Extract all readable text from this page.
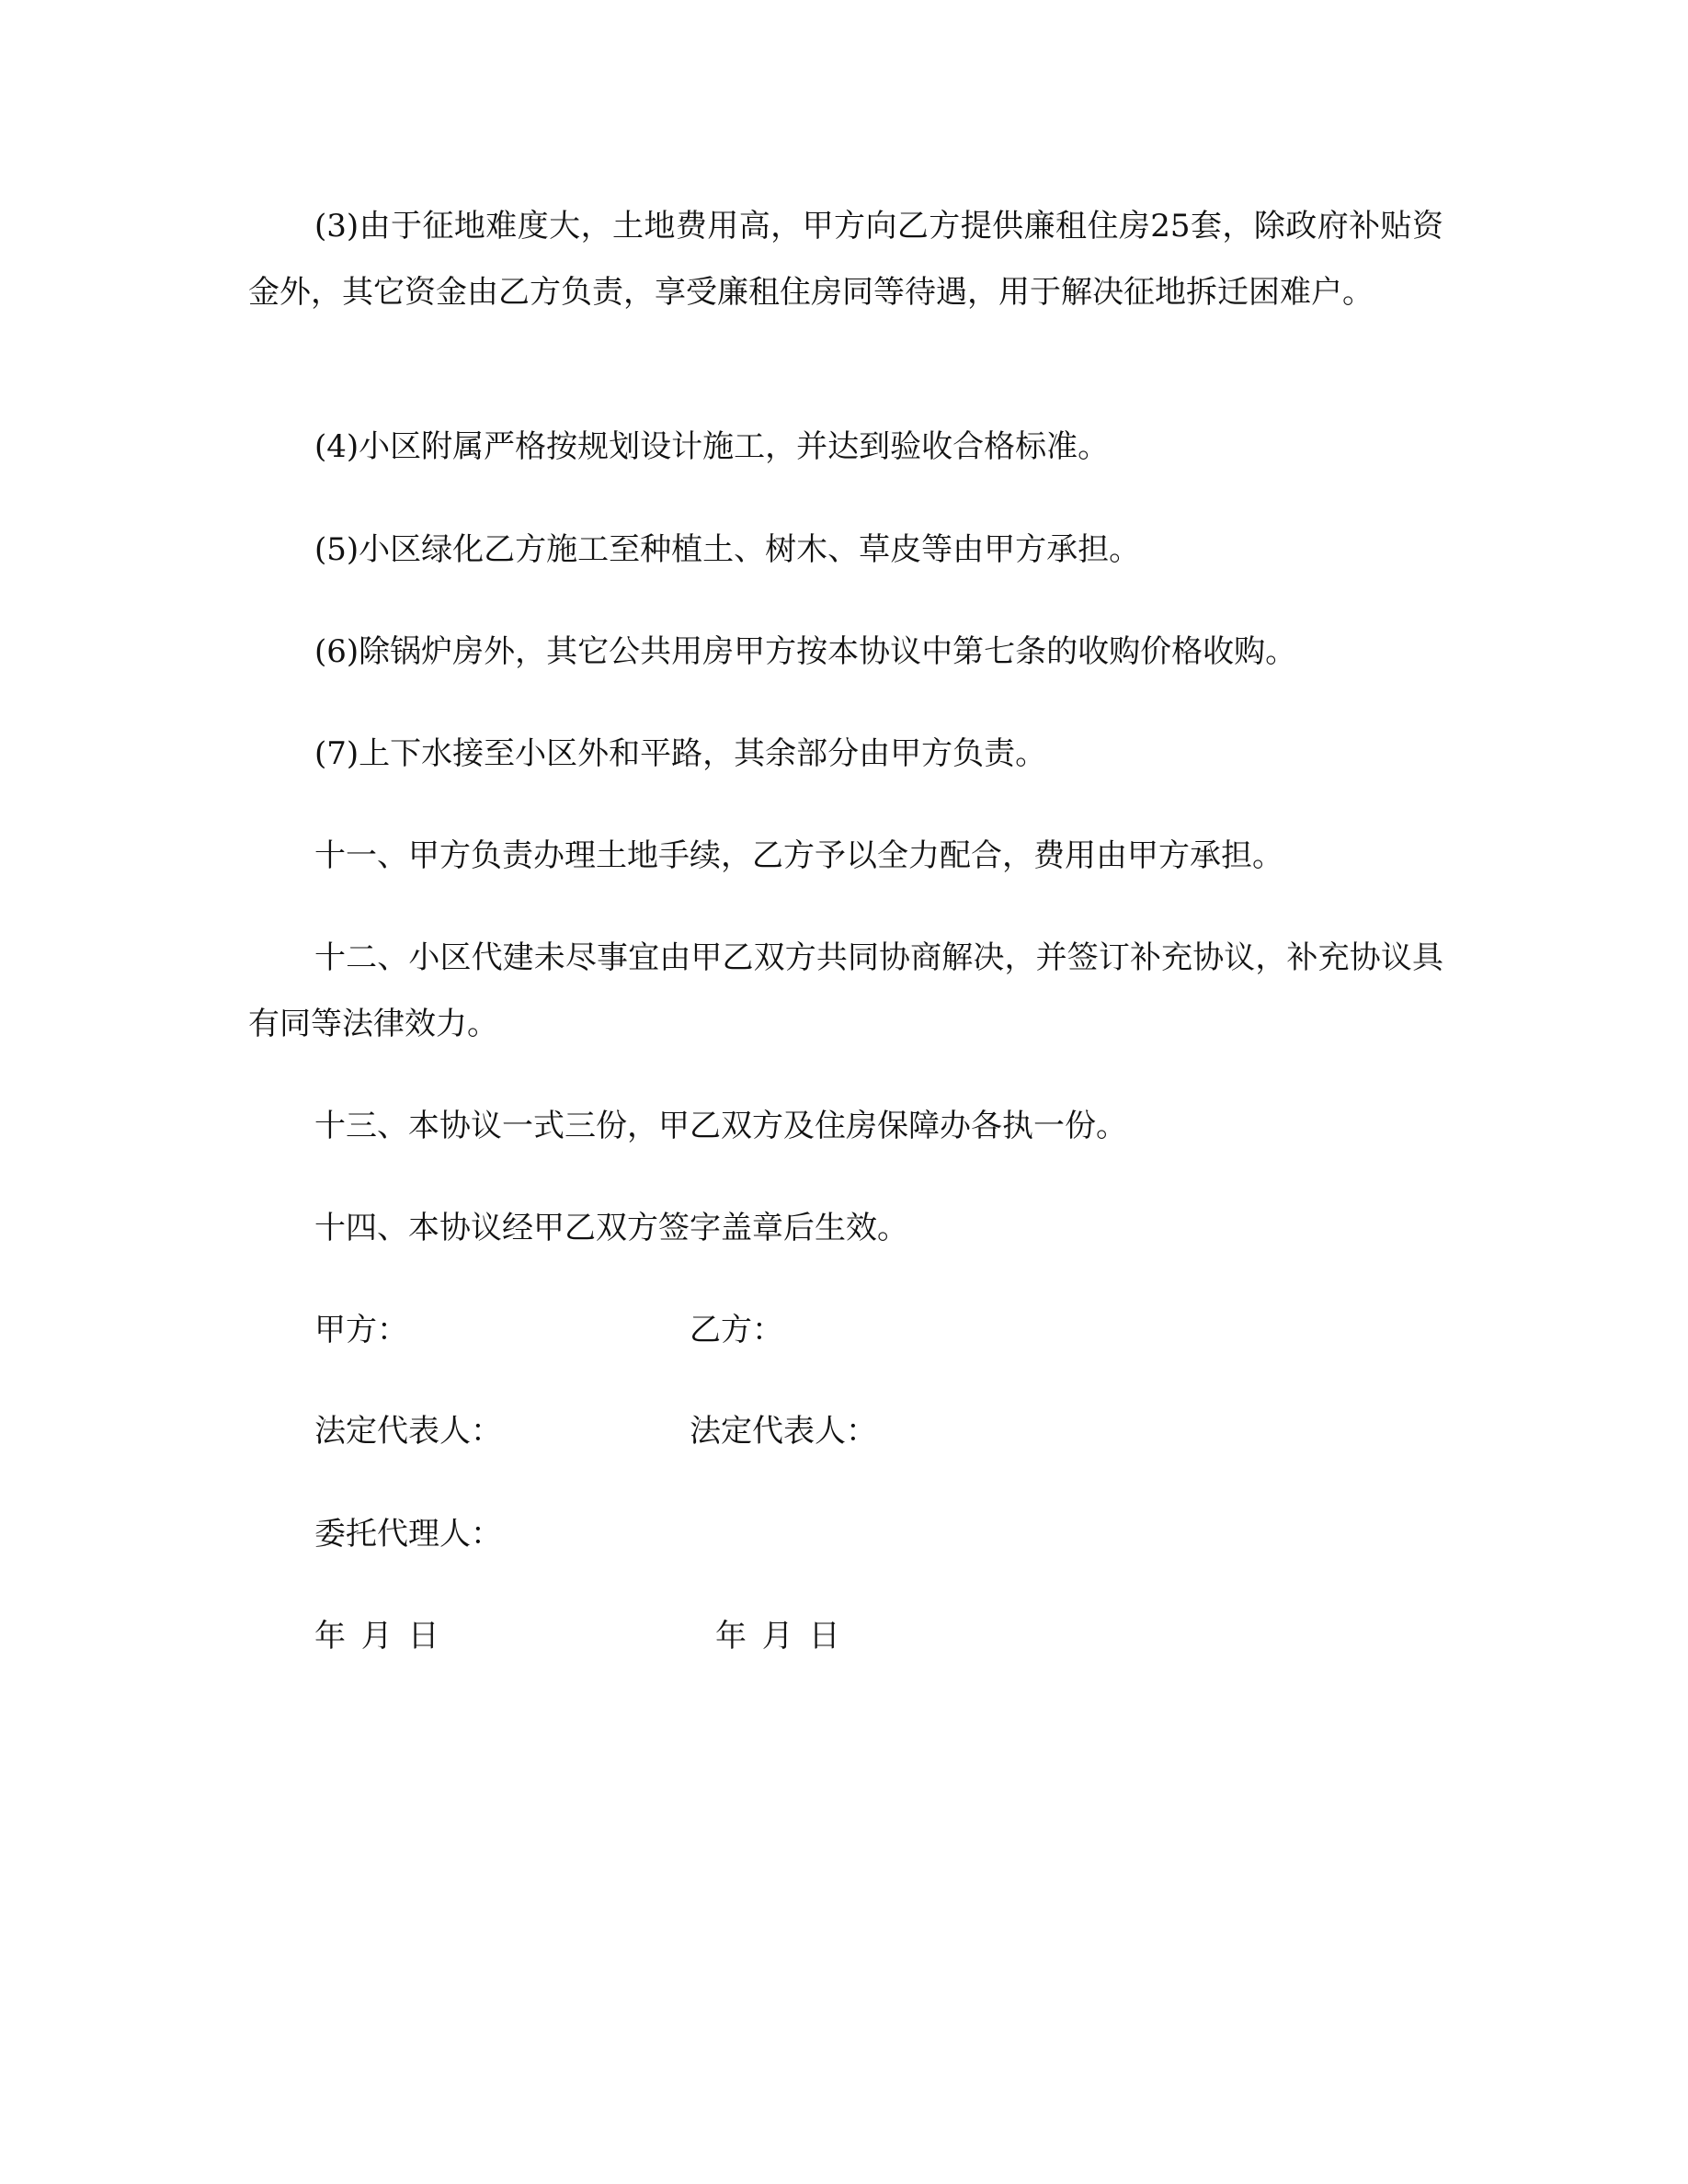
(3)由于征地难度大，土地费用高，甲方向乙方提供廉租住房25套，除政府补贴资金外，其它资金由乙方负责，享受廉租住房同等待遇，用于解决征地拆迁困难户。
(4)小区附属严格按规划设计施工，并达到验收合格标准。
(5)小区绿化乙方施工至种植土、树木、草皮等由甲方承担。
(6)除锅炉房外，其它公共用房甲方按本协议中第七条的收购价格收购。
(7)上下水接至小区外和平路，其余部分由甲方负责。
十一、甲方负责办理土地手续，乙方予以全力配合，费用由甲方承担。
十二、小区代建未尽事宜由甲乙双方共同协商解决，并签订补充协议，补充协议具有同等法律效力。
十三、本协议一式三份，甲乙双方及住房保障办各执一份。
十四、本协议经甲乙双方签字盖章后生效。
甲方：	乙方：
法定代表人：	法定代表人：
委托代理人：
年 月 日	年 月 日
